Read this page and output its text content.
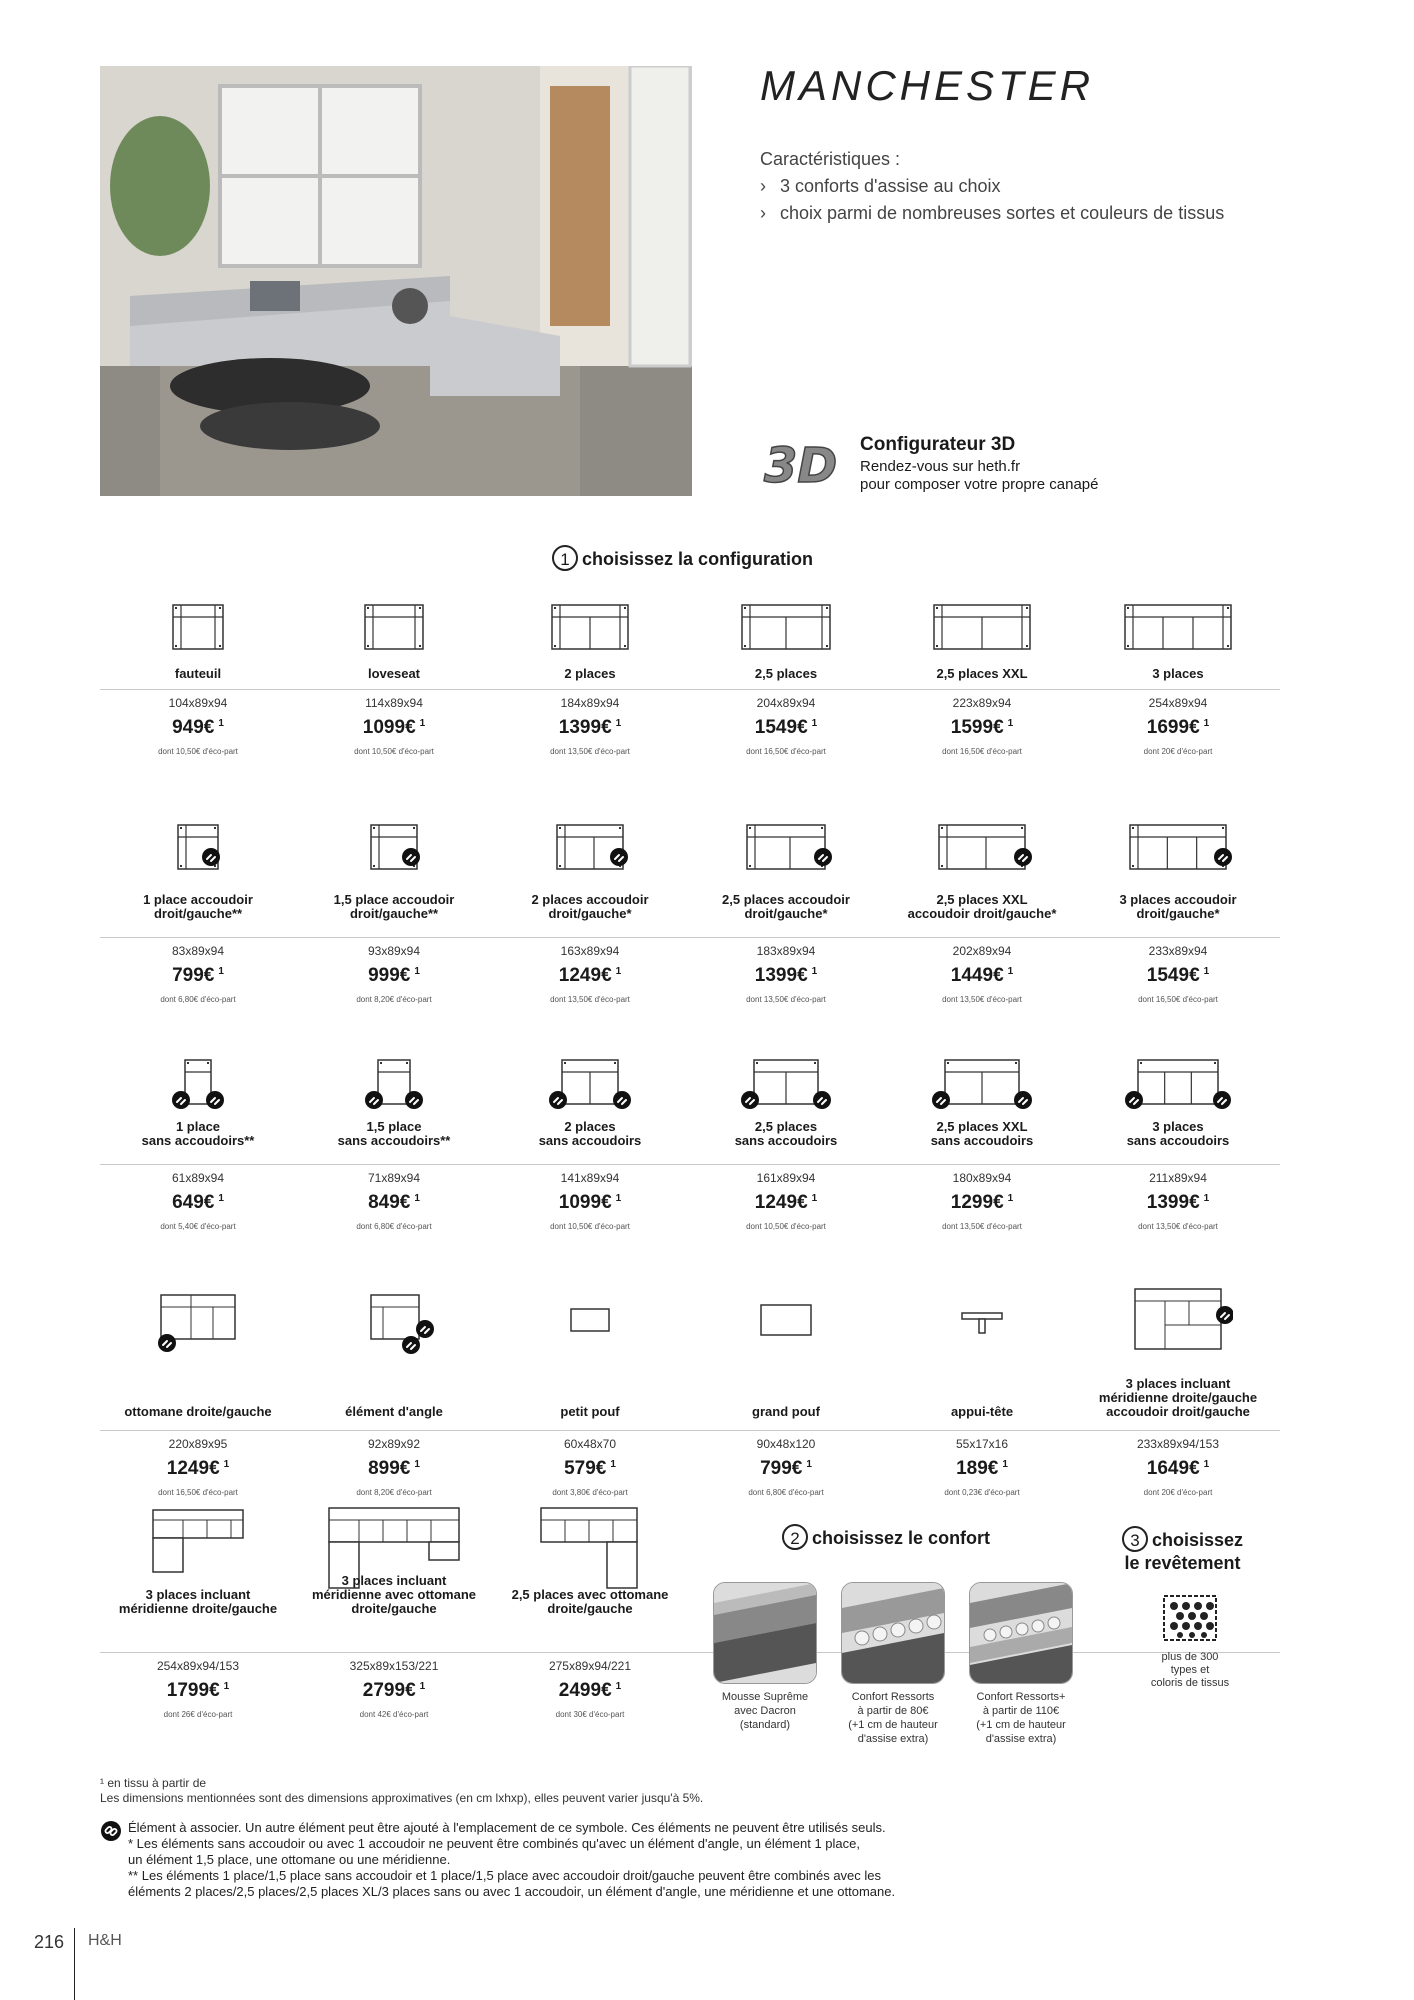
MANCHESTER
Caractéristiques :
› 3 conforts d'assise au choix
› choix parmi de nombreuses sortes et couleurs de tissus
3D Configurateur 3D
Rendez-vous sur heth.fr
pour composer votre propre canapé
1 choisissez la configuration
fauteuil
104x89x94
949€ $^1$
dont 10,50€ d'éco-part
loveseat
114x89x94
1099€ $^1$
dont 10,50€ d'éco-part
2 places
184x89x94
1399€ $^1$
dont 13,50€ d'éco-part
2,5 places
204x89x94
1549€ $^1$
dont 16,50€ d'éco-part
2,5 places XXL
223x89x94
1599€ $^1$
dont 16,50€ d'éco-part
3 places
254x89x94
1699€ $^1$
dont 20€ d'éco-part
1 place accoudoir
droit/gauche**
83x89x94
799€ $^1$
dont 6,80€ d'éco-part
1,5 place accoudoir
droit/gauche**
93x89x94
999€ $^1$
dont 8,20€ d'éco-part
2 places accoudoir
droit/gauche*
163x89x94
1249€ $^1$
dont 13,50€ d'éco-part
2,5 places accoudoir
droit/gauche*
183x89x94
1399€ $^1$
dont 13,50€ d'éco-part
2,5 places XXL
accoudoir droit/gauche*
202x89x94
1449€ $^1$
dont 13,50€ d'éco-part
3 places accoudoir
droit/gauche*
233x89x94
1549€ $^1$
dont 16,50€ d'éco-part
1 place
sans accoudoirs**
61x89x94
649€ $^1$
dont 5,40€ d'éco-part
1,5 place
sans accoudoirs**
71x89x94
849€ $^1$
dont 6,80€ d'éco-part
2 places
sans accoudoirs
141x89x94
1099€ $^1$
dont 10,50€ d'éco-part
2,5 places
sans accoudoirs
161x89x94
1249€ $^1$
dont 10,50€ d'éco-part
2,5 places XXL
sans accoudoirs
180x89x94
1299€ $^1$
dont 13,50€ d'éco-part
3 places
sans accoudoirs
211x89x94
1399€ $^1$
dont 13,50€ d'éco-part
ottomane droite/gauche
220x89x95
1249€ $^1$
dont 16,50€ d'éco-part
élément d'angle
92x89x92
899€ $^1$
dont 8,20€ d'éco-part
petit pouf
60x48x70
579€ $^1$
dont 3,80€ d'éco-part
grand pouf
90x48x120
799€ $^1$
dont 6,80€ d'éco-part
appui-tête
55x17x16
189€ $^1$
dont 0,23€ d'éco-part
3 places incluant
méridienne droite/gauche
accoudoir droit/gauche
233x89x94/153
1649€ $^1$
dont 20€ d'éco-part
3 places incluant
méridienne droite/gauche
254x89x94/153
1799€ $^1$
dont 26€ d'éco-part
3 places incluant
méridienne avec ottomane
droite/gauche
325x89x153/221
2799€ $^1$
dont 42€ d'éco-part
2,5 places avec ottomane
droite/gauche
275x89x94/221
2499€ $^1$
dont 30€ d'éco-part
2 choisissez le confort	3 choisissez
le revêtement
Mousse Suprême
avec Dacron
(standard)
Confort Ressorts
à partir de 80€
(+1 cm de hauteur
d'assise extra)
Confort Ressorts+
à partir de 110€
(+1 cm de hauteur
d'assise extra)
plus de 300
types et
coloris de tissus
¹ en tissu à partir de
Les dimensions mentionnées sont des dimensions approximatives (en cm lxhxp), elles peuvent varier jusqu'à 5%.
Élément à associer. Un autre élément peut être ajouté à l'emplacement de ce symbole. Ces éléments ne peuvent être utilisés seuls.
* Les éléments sans accoudoir ou avec 1 accoudoir ne peuvent être combinés qu'avec un élément d'angle, un élément 1 place,
un élément 1,5 place, une ottomane ou une méridienne.
** Les éléments 1 place/1,5 place sans accoudoir et 1 place/1,5 place avec accoudoir droit/gauche peuvent être combinés avec les
éléments 2 places/2,5 places/2,5 places XL/3 places sans ou avec 1 accoudoir, un élément d'angle, une méridienne et une ottomane.
216 H&H
